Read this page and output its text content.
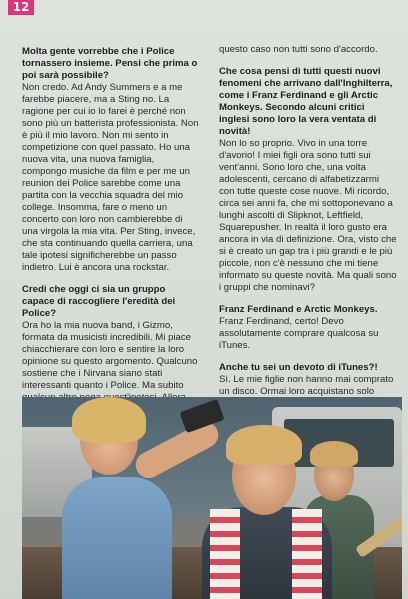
12

Molta gente vorrebbe che i Police tornassero insieme. Pensi che prima o poi sarà possibile?

Non credo. Ad Andy Summers e a me farebbe piacere, ma a Sting no. La ragione per cui io lo farei è perché non sono più un batterista professionista. Non è più il mio lavoro. Non mi sento in competizione con quel passato. Ho una nuova vita, una nuova famiglia, compongo musiche da film e per me un reunion dei Police sarebbe come una partita con la vecchia squadra del mio college. Insomma, fare o meno un concerto con loro non cambierebbe di una virgola la mia vita. Per Sting, invece, che sta continuando quella carriera, una tale ipotesi significherebbe un passo indietro. Lui è ancora una rockstar.

Credi che oggi ci sia un gruppo capace di raccogliere l'eredità dei Police?

Ora ho la mia nuova band, i Gizmo, formata da musicisti incredibili. Mi piace chiacchierare con loro e sentire la loro opinione su questo argomento. Qualcuno sostiene che i Nirvana siano stati interessanti quanto i Police. Ma subito

questo caso non tutti sono d'accordo.

Che cosa pensi di tutti questi nuovi fenomeni che arrivano dall'Inghilterra, come i Franz Ferdinand e gli Arctic Monkeys. Secondo alcuni critici inglesi sono loro la vera ventata di novità!

Non lo so proprio. Vivo in una torre d'avorio! I miei figli ora sono tutti sui vent'anni. Sono loro che, una volta adolescenti, cercano di alfabetizzarmi con tutte queste cose nuove. Mi ricordo, circa sei anni fa, che mi sottoponevano a lunghi ascolti di Slipknot, Leftfield, Squarepusher. In realtà il loro gusto era ancora in via di definizione. Ora, visto che si è creato un gap tra i più grandi e le più piccole, non c'è nessuno che mi tiene informato su queste novità. Ma quali sono i gruppi che nominavi?

Franz Ferdinand e Arctic Monkeys.

Franz Ferdinand, certo! Devo assolutamente comprare qualcosa su iTunes.

Anche tu sei un devoto di iTunes?!

Sì. Le mie figlie non hanno mai comprato un disco. Ormai loro acquistano solo
